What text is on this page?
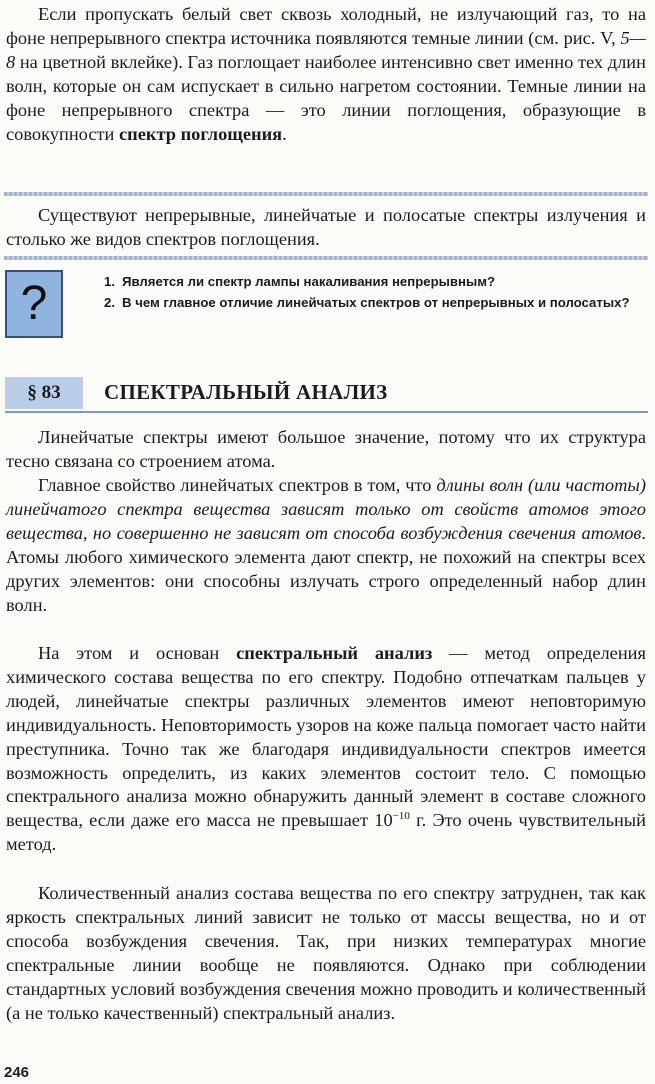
Если пропускать белый свет сквозь холодный, не излучающий газ, то на фоне непрерывного спектра источника появляются темные линии (см. рис. V, 5—8 на цветной вклейке). Газ поглощает наиболее интенсивно свет именно тех длин волн, которые он сам испускает в сильно нагретом состоянии. Темные линии на фоне непрерывного спектра — это линии поглощения, образующие в совокупности спектр поглощения.

Существуют непрерывные, линейчатые и полосатые спектры излучения и столько же видов спектров поглощения.

?	1. Является ли спектр лампы накаливания непрерывным?
2. В чем главное отличие линейчатых спектров от непрерывных и полосатых?
§ 83	СПЕКТРАЛЬНЫЙ АНАЛИЗ

Линейчатые спектры имеют большое значение, потому что их структура тесно связана со строением атома.

Главное свойство линейчатых спектров в том, что длины волн (или частоты) линейчатого спектра вещества зависят только от свойств атомов этого вещества, но совершенно не зависят от способа возбуждения свечения атомов. Атомы любого химического элемента дают спектр, не похожий на спектры всех других элементов: они способны излучать строго определенный набор длин волн.

На этом и основан спектральный анализ — метод определения химического состава вещества по его спектру. Подобно отпечаткам пальцев у людей, линейчатые спектры различных элементов имеют неповторимую индивидуальность. Неповторимость узоров на коже пальца помогает часто найти преступника. Точно так же благодаря индивидуальности спектров имеется возможность определить, из каких элементов состоит тело. С помощью спектрального анализа можно обнаружить данный элемент в составе сложного вещества, если даже его масса не превышает $10^{-10}$ г. Это очень чувствительный метод.

Количественный анализ состава вещества по его спектру затруднен, так как яркость спектральных линий зависит не только от массы вещества, но и от способа возбуждения свечения. Так, при низких температурах многие спектральные линии вообще не появляются. Однако при соблюдении стандартных условий возбуждения свечения можно проводить и количественный (а не только качественный) спектральный анализ.

246
